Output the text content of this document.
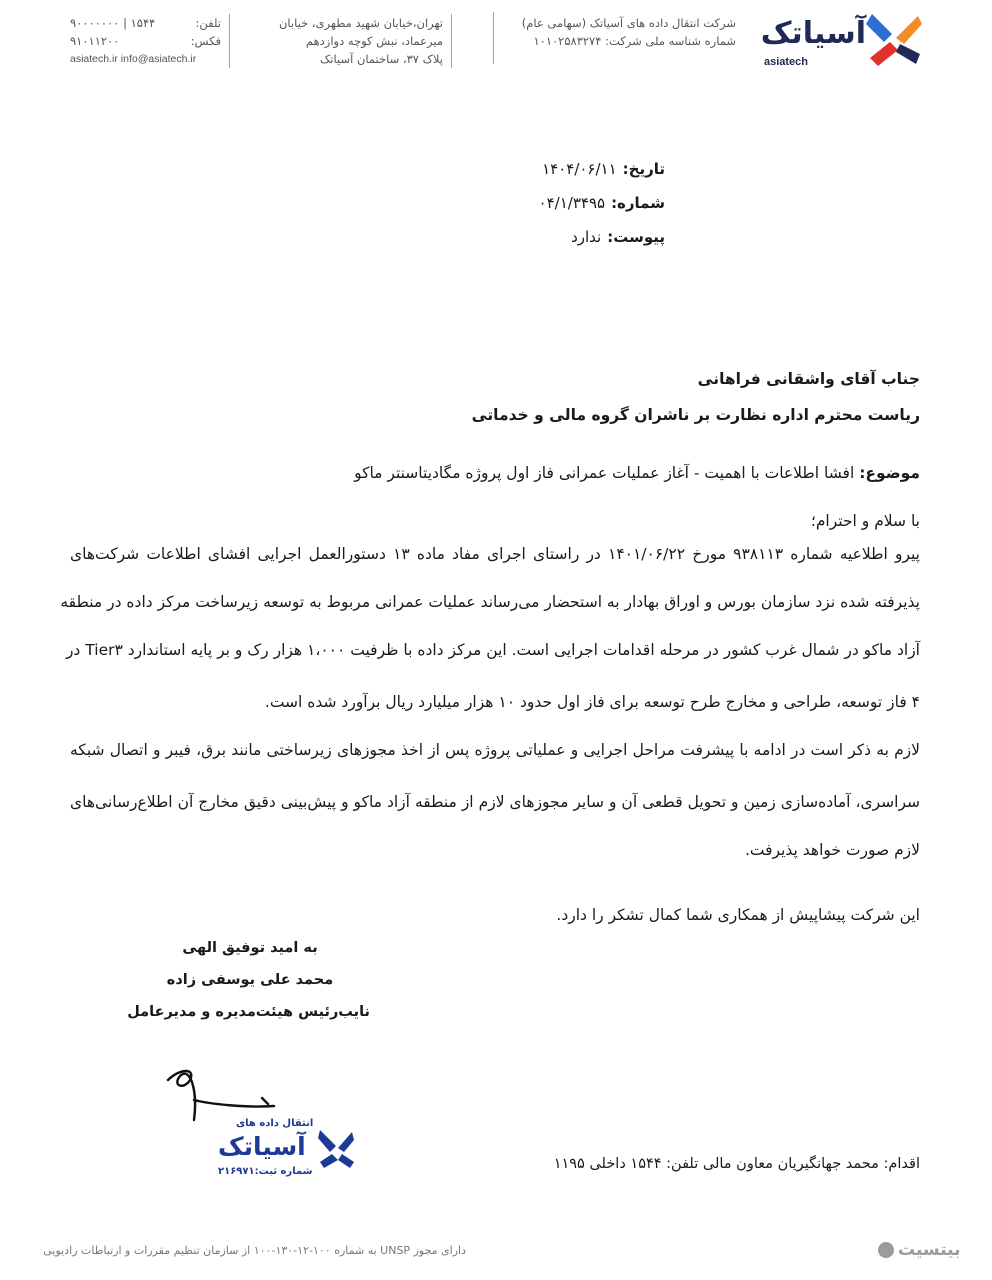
آسیاتک
asiatech
شرکت انتقال داده های آسیاتک (سهامی عام)
شماره شناسه ملی شرکت: ۱۰۱۰۲۵۸۳۲۷۴
تهران،خیابان شهید مطهری، خیابان
میرعماد، نبش کوچه دوازدهم
پلاک ۳۷، ساختمان آسیاتک
تلفن:
۱۵۴۴ | ۹۰۰۰۰۰۰۰
فکس:
۹۱۰۱۱۲۰۰
asiatech.ir info@asiatech.ir
تاریخ:۱۴۰۴/۰۶/۱۱
شماره:۰۴/۱/۳۴۹۵
پیوست:ندارد
جناب آقای واشقانی فراهانی
ریاست محترم اداره نظارت بر ناشران گروه مالی و خدماتی
موضوع: افشا اطلاعات با اهمیت - آغاز عملیات عمرانی فاز اول پروژه مگادیتاسنتر ماکو
با سلام و احترام؛
پیرو اطلاعیه شماره ۹۳۸۱۱۳ مورخ ۱۴۰۱/۰۶/۲۲ در راستای اجرای مفاد ماده ۱۳ دستورالعمل اجرایی افشای اطلاعات شرکت‌های
پذیرفته شده نزد سازمان بورس و اوراق بهادار به استحضار می‌رساند عملیات عمرانی مربوط به توسعه زیرساخت مرکز داده در منطقه
آزاد ماکو در شمال غرب کشور در مرحله اقدامات اجرایی است. این مرکز داده با ظرفیت ۱،۰۰۰ هزار رک و بر پایه استاندارد Tier۳ در
۴ فاز توسعه، طراحی و مخارج طرح توسعه برای فاز اول حدود ۱۰ هزار میلیارد ریال برآورد شده است.
لازم به ذکر است در ادامه با پیشرفت مراحل اجرایی و عملیاتی پروژه پس از اخذ مجوزهای زیرساختی مانند برق، فیبر و اتصال شبکه
سراسری، آماده‌سازی زمین و تحویل قطعی آن و سایر مجوزهای لازم از منطقه آزاد ماکو و پیش‌بینی دقیق مخارج آن اطلاع‌رسانی‌های
لازم صورت خواهد پذیرفت.
این شرکت پیشاپیش از همکاری شما کمال تشکر را دارد.
به امید توفیق الهی
محمد علی یوسفی زاده
نایب‌رئیس هیئت‌مدیره و مدیرعامل
انتقال داده های
آسیاتک
شماره ثبت:۲۱۶۹۷۱	اقدام: محمد جهانگیریان معاون مالی تلفن: ۱۵۴۴ داخلی ۱۱۹۵
دارای مجوز UNSP به شماره ۱۰۰-۱۲-۱۳۰-۱۰۰ از سازمان تنظیم مقررات و ارتباطات رادیویی	بیتسیت
